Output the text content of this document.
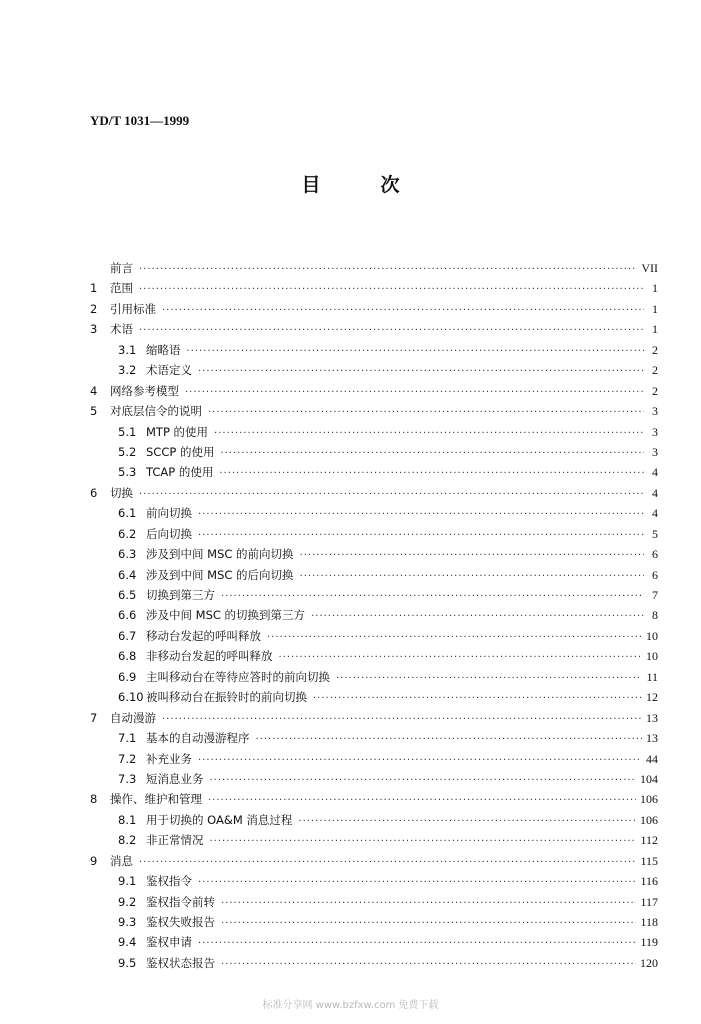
YD/T 1031—1999
目次
前言 ·····	VII
1	范围 ·····	1
2	引用标准 ·····	1
3	术语 ·····	1
3.1 缩略语 ·····	2
3.2 术语定义 ·····	2
4	网络参考模型 ·····	2
5	对底层信令的说明 ·····	3
5.1 MTP 的使用 ·····	3
5.2 SCCP 的使用 ·····	3
5.3 TCAP 的使用 ·····	4
6	切换 ·····	4
6.1 前向切换 ·····	4
6.2 后向切换 ·····	5
6.3 涉及到中间 MSC 的前向切换 ·····	6
6.4 涉及到中间 MSC 的后向切换 ·····	6
6.5 切换到第三方 ·····	7
6.6 涉及中间 MSC 的切换到第三方 ·····	8
6.7 移动台发起的呼叫释放 ·····	10
6.8 非移动台发起的呼叫释放 ·····	10
6.9 主叫移动台在等待应答时的前向切换 ·····	11
6.10 被叫移动台在振铃时的前向切换 ·····	12
7	自动漫游 ·····	13
7.1 基本的自动漫游程序 ·····	13
7.2 补充业务 ·····	44
7.3 短消息业务 ·····	104
8	操作、维护和管理 ·····	106
8.1 用于切换的 OA&M 消息过程 ·····	106
8.2 非正常情况 ·····	112
9	消息 ·····	115
9.1 鉴权指令 ·····	116
9.2 鉴权指令前转 ·····	117
9.3 鉴权失败报告 ·····	118
9.4 鉴权申请 ·····	119
9.5 鉴权状态报告 ·····	120
标准分享网 www.bzfxw.com 免费下载
